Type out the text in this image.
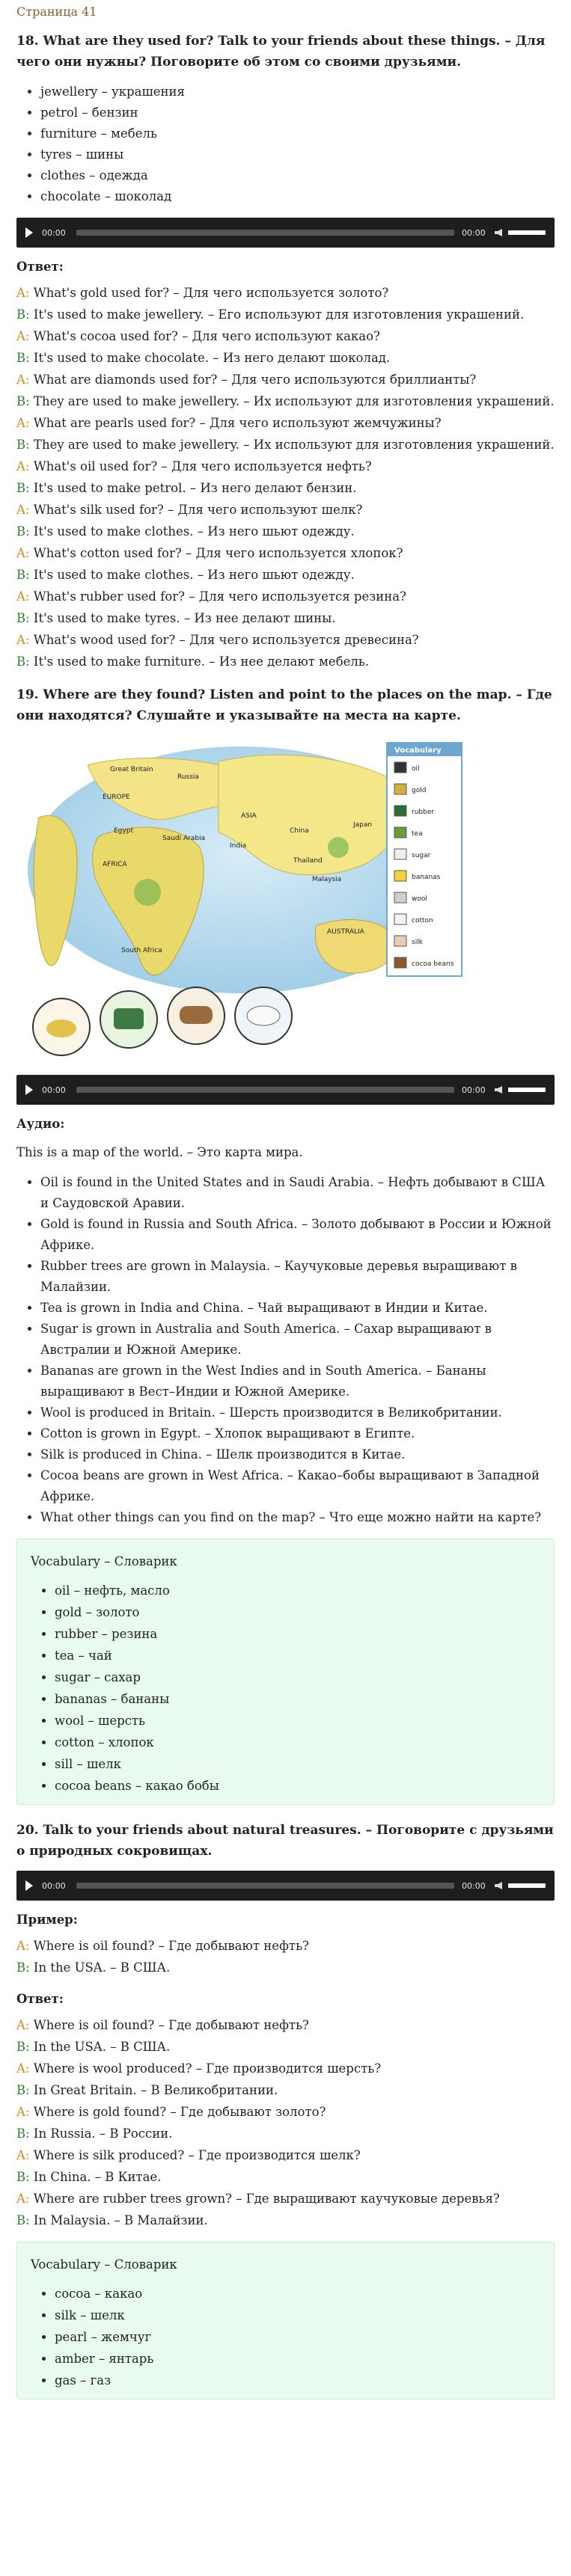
Страница 41
18. What are they used for? Talk to your friends about these things. – Для чего они нужны? Поговорите об этом со своими друзьями.
• jewellery – украшения
• petrol – бензин
• furniture – мебель
• tyres – шины
• clothes – одежда
• chocolate – шоколад
00:00	00:00
Ответ:

A: What's gold used for? – Для чего используется золото?

B: It's used to make jewellery. – Его используют для изготовления украшений.

A: What's cocoa used for? – Для чего используют какао?

B: It's used to make chocolate. – Из него делают шоколад.

A: What are diamonds used for? – Для чего используются бриллианты?

B: They are used to make jewellery. – Их используют для изготовления украшений.

A: What are pearls used for? – Для чего используют жемчужины?

B: They are used to make jewellery. – Их используют для изготовления украшений.

A: What's oil used for? – Для чего используется нефть?

B: It's used to make petrol. – Из него делают бензин.

A: What's silk used for? – Для чего используют шелк?

B: It's used to make clothes. – Из него шьют одежду.

A: What's cotton used for? – Для чего используется хлопок?

B: It's used to make clothes. – Из него шьют одежду.

A: What's rubber used for? – Для чего используется резина?

B: It's used to make tyres. – Из нее делают шины.

A: What's wood used for? – Для чего используется древесина?

B: It's used to make furniture. – Из нее делают мебель.

19. Where are they found? Listen and point to the places on the map. – Где они находятся? Слушайте и указывайте на места на карте.
Great Britain
Russia
EUROPE
ASIA
Egypt	China
Japan
Saudi Arabia
India
Thailand
AFRICA
Malaysia
AUSTRALIA
South Africa
Vocabulary
oil
gold
rubber
tea
sugar
bananas
wool
cotton
silk
cocoa beans
00:00	00:00
Аудио:

This is a map of the world. – Это карта мира.

• Oil is found in the United States and in Saudi Arabia. – Нефть добывают в США и Саудовской Аравии.
• Gold is found in Russia and South Africa. – Золото добывают в России и Южной Африке.
• Rubber trees are grown in Malaysia. – Каучуковые деревья выращивают в Малайзии.
• Tea is grown in India and China. – Чай выращивают в Индии и Китае.
• Sugar is grown in Australia and South America. – Сахар выращивают в Австралии и Южной Америке.
• Bananas are grown in the West Indies and in South America. – Бананы выращивают в Вест–Индии и Южной Америке.
• Wool is produced in Britain. – Шерсть производится в Великобритании.
• Cotton is grown in Egypt. – Хлопок выращивают в Египте.
• Silk is produced in China. – Шелк производится в Китае.
• Cocoa beans are grown in West Africa. – Какао–бобы выращивают в Западной Африке.
• What other things can you find on the map? – Что еще можно найти на карте?

Vocabulary – Словарик

• oil – нефть, масло
• gold – золото
• rubber – резина
• tea – чай
• sugar – сахар
• bananas – бананы
• wool – шерсть
• cotton – хлопок
• sill – шелк
• cocoa beans – какао бобы
20. Talk to your friends about natural treasures. – Поговорите с друзьями о природных сокровищах.
00:00	00:00
Пример:

A: Where is oil found? – Где добывают нефть?

B: In the USA. – В США.

Ответ:

A: Where is oil found? – Где добывают нефть?

B: In the USA. – В США.

A: Where is wool produced? – Где производится шерсть?

B: In Great Britain. – В Великобритании.

A: Where is gold found? – Где добывают золото?

B: In Russia. – В России.

A: Where is silk produced? – Где производится шелк?

B: In China. – В Китае.

A: Where are rubber trees grown? – Где выращивают каучуковые деревья?

B: In Malaysia. – В Малайзии.

Vocabulary – Словарик

• cocoa – какао
• silk – шелк
• pearl – жемчуг
• amber – янтарь
• gas – газ
